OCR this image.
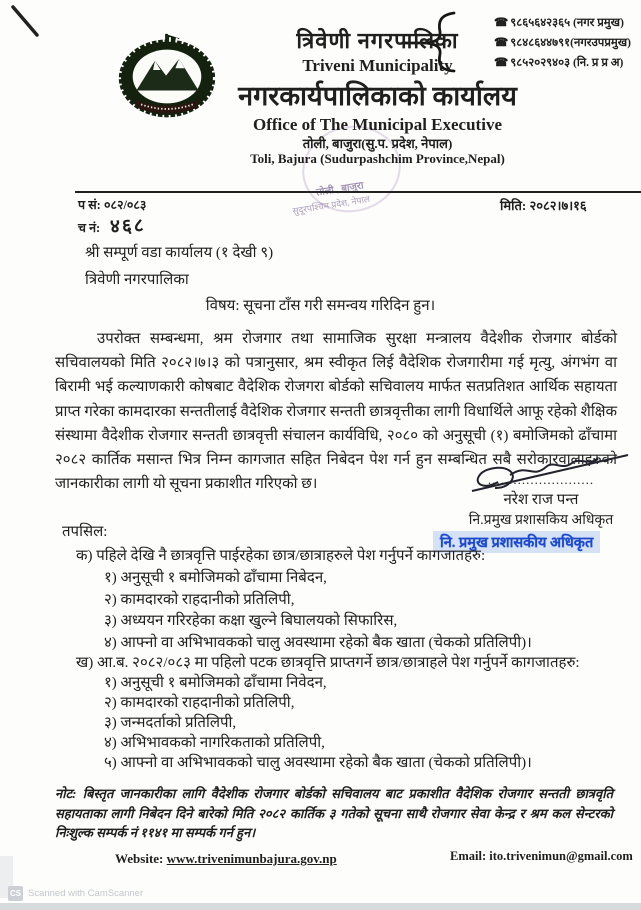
☎ ९८६५६४२३६५ (नगर प्रमुख)
☎ ९८४८६४४७९१(नगरउपप्रमुख)
☎ ९८५२०२९४०३ (नि. प्र प्र अ)
तोली , बाजुरा
सुदूरपश्चिम प्रदेश, नेपाल
त्रिवेणी नगरपालिका
Triveni Municipality
नगरकार्यपालिकाको कार्यालय
Office of The Municipal Executive
तोली, बाजुरा(सु.प. प्रदेश, नेपाल)
Toli, Bajura (Sudurpashchim Province,Nepal)
प सं: ०८२/०८३
च नं: ४६८
मिति: २०८२।७।१६
श्री सम्पूर्ण वडा कार्यालय (१ देखी ९)
त्रिवेणी नगरपालिका
विषय: सूचना टाँस गरी समन्वय गरिदिन हुन।
उपरोक्त सम्बन्धमा, श्रम रोजगार तथा सामाजिक सुरक्षा मन्त्रालय वैदेशीक रोजगार बोर्डको सचिवालयको मिति २०८२।७।३ को पत्रानुसार, श्रम स्वीकृत लिई वैदेशिक रोजगारीमा गई मृत्यु, अंगभंग वा बिरामी भई कल्याणकारी कोषबाट वैदेशिक रोजगरा बोर्डको सचिवालय मार्फत सतप्रतिशत आर्थिक सहायता प्राप्त गरेका कामदारका सन्ततीलाई वैदेशिक रोजगार सन्तती छात्रवृत्तीका लागी विधार्थिले आफू रहेको शैक्षिक संस्थामा वैदेशीक रोजगार सन्तती छात्रवृत्ती संचालन कार्यविधि, २०८० को अनुसूची (१) बमोजिमको ढाँचामा २०८२ कार्तिक मसान्त भित्र निम्न कागजात सहित निबेदन पेश गर्न हुन सम्बन्धित सबै सरोकारवालाहरुको जानकारीका लागी यो सूचना प्रकाशीत गरिएको छ।	.........................
नरेश राज पन्त
नि.प्रमुख प्रशासकिय अधिकृत
नि. प्रमुख प्रशासकीय अधिकृत
तपसिल:
क) पहिले देखि नै छात्रवृत्ति पाईरहेका छात्र/छात्राहरुले पेश गर्नुपर्ने कागजातहरु:
१) अनुसूची १ बमोजिमको ढाँचामा निबेदन,
२) कामदारको राहदानीको प्रतिलिपी,
३) अध्ययन गरिरहेका कक्षा खुल्ने बिघालयको सिफारिस,
४) आफ्नो वा अभिभावकको चालु अवस्थामा रहेको बैक खाता (चेकको प्रतिलिपी)।
ख) आ.ब. २०८२/०८३ मा पहिलो पटक छात्रवृत्ति प्राप्तगर्ने छात्र/छात्राहले पेश गर्नुपर्ने कागजातहरु:
१) अनुसूची १ बमोजिमको ढाँचामा निवेदन,
२) कामदारको राहदानीको प्रतिलिपी,
३) जन्मदर्ताको प्रतिलिपी,
४) अभिभावकको नागरिकताको प्रतिलिपी,
५) आफ्नो वा अभिभावकको चालु अवस्थामा रहेको बैक खाता (चेकको प्रतिलिपी)।
नोट: बिस्तृत जानकारीका लागि वैदेशीक रोजगार बोर्डको सचिवालय बाट प्रकाशीत वैदेशिक रोजगार सन्तती छात्रवृति सहायताका लागी निबेदन दिने बारेको मिति २०८२ कार्तिक ३ गतेको सूचना साथै रोजगार सेवा केन्द्र र श्रम कल सेन्टरको निःशुल्क सम्पर्क नं ११४१ मा सम्पर्क गर्न हुन।
Website: www.trivenimunbajura.gov.np	Email: ito.trivenimun@gmail.com
CS Scanned with CamScanner
